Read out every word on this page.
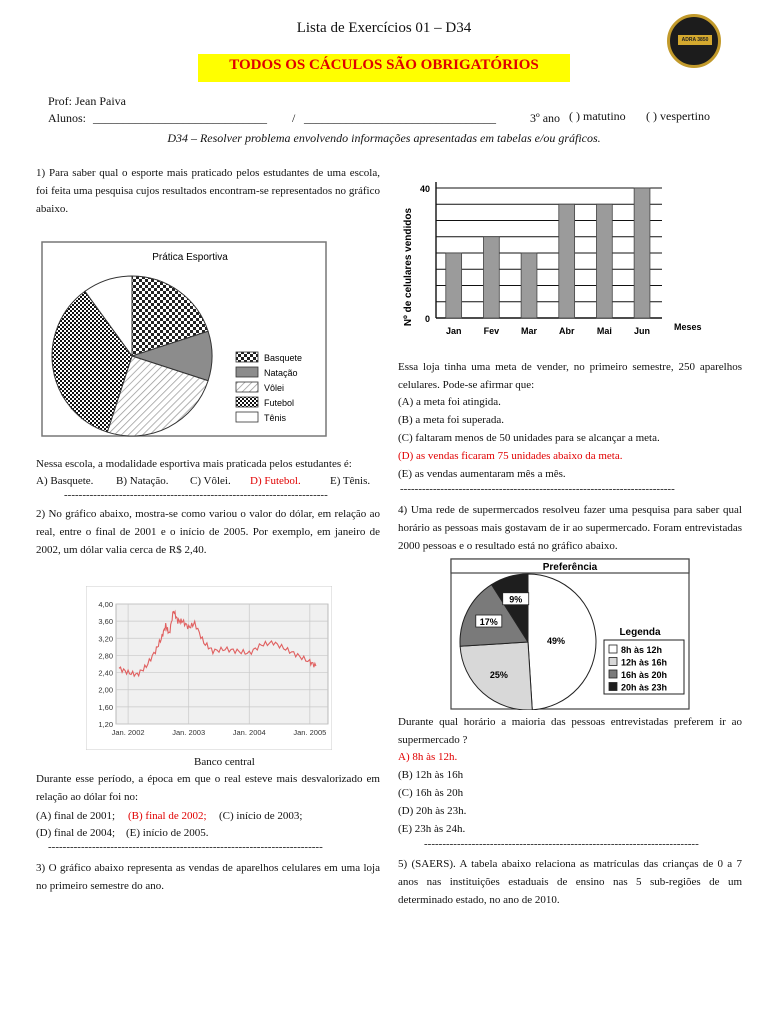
Lista de Exercícios 01 – D34
TODOS OS CÁCULOS SÃO OBRIGATÓRIOS
ADRA 3850
Prof: Jean Paiva
Alunos: _____________________________ / ________________________________	3º ano ( ) matutino ( ) vespertino
D34 – Resolver problema envolvendo informações apresentadas em tabelas e/ou gráficos.
1) Para saber qual o esporte mais praticado pelos estudantes de uma escola, foi feita uma pesquisa cujos resultados encontram-se representados no gráfico abaixo.
Prática Esportiva
Basquete
Natação
Vôlei
Futebol
Tênis
Nessa escola, a modalidade esportiva mais praticada pelos estudantes é:
A) Basquete. B) Natação. C) Vôlei. D) Futebol.	E) Tênis.
------------------------------------------------------------------------
2) No gráfico abaixo, mostra-se como variou o valor do dólar, em relação ao real, entre o final de 2001 e o início de 2005. Por exemplo, em janeiro de 2002, um dólar valia cerca de R$ 2,40.
1,20
1,60
2,00
2,40
2,80
3,20
3,60
4,00
Jan. 2002	Jan. 2003	Jan. 2004	Jan. 2005
Banco central
Durante esse período, a época em que o real esteve mais desvalorizado em relação ao dólar foi no:
(A) final de 2001; (B) final de 2002; (C) início de 2003;
(D) final de 2004; (E) início de 2005.
---------------------------------------------------------------------------
3) O gráfico abaixo representa as vendas de aparelhos celulares em uma loja no primeiro semestre do ano.
Jan Fev Mar Abr Mai Jun
0
40
Meses
Nº de celulares vendidos
Essa loja tinha uma meta de vender, no primeiro semestre, 250 aparelhos celulares. Pode-se afirmar que:
(A) a meta foi atingida.
(B) a meta foi superada.
(C) faltaram menos de 50 unidades para se alcançar a meta.
(D) as vendas ficaram 75 unidades abaixo da meta.
(E) as vendas aumentaram mês a mês.
---------------------------------------------------------------------------
4) Uma rede de supermercados resolveu fazer uma pesquisa para saber qual horário as pessoas mais gostavam de ir ao supermercado. Foram entrevistadas 2000 pessoas e o resultado está no gráfico abaixo.
Preferência
49%
25%
17%
9%
Legenda
8h às 12h
12h às 16h
16h às 20h
20h às 23h
Durante qual horário a maioria das pessoas entrevistadas preferem ir ao supermercado ?
A) 8h às 12h.
(B) 12h às 16h
(C) 16h às 20h
(D) 20h às 23h.
(E) 23h às 24h.
---------------------------------------------------------------------------
5) (SAERS). A tabela abaixo relaciona as matrículas das crianças de 0 a 7 anos nas instituições estaduais de ensino nas 5 sub-regiões de um determinado estado, no ano de 2010.
